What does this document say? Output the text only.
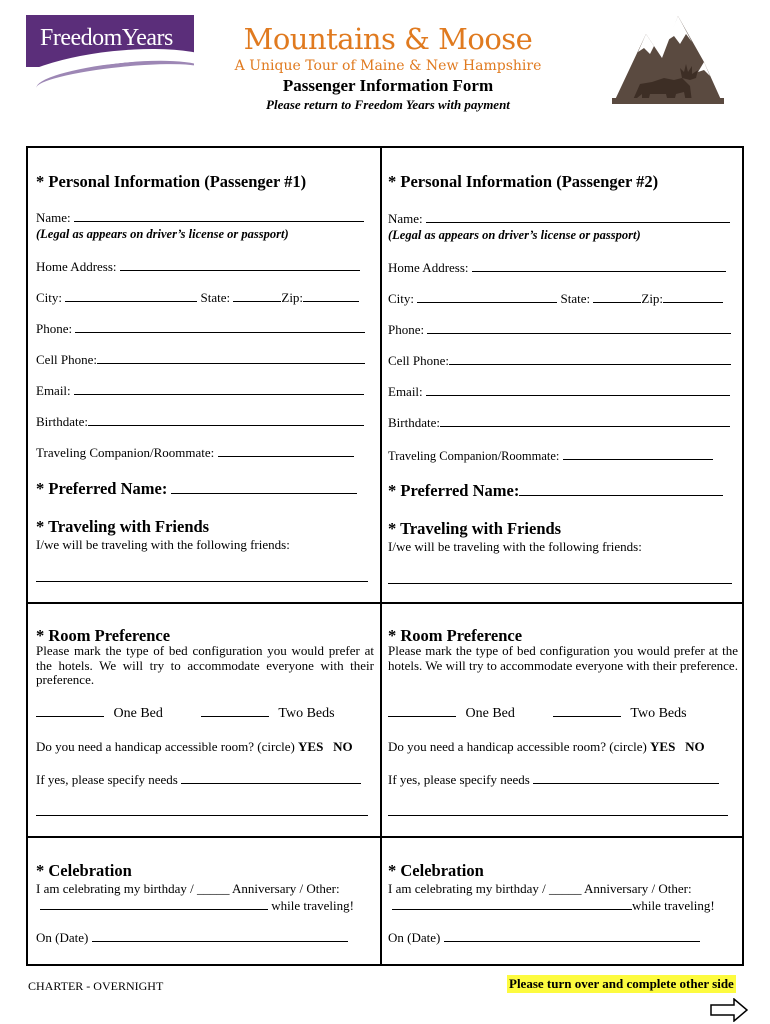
FreedomYears	Mountains & Moose
A Unique Tour of Maine & New Hampshire
Passenger Information Form
Please return to Freedom Years with payment
* Personal Information (Passenger #1)
Name:
(Legal as appears on driver’s license or passport)
Home Address:
City:	State:	Zip:
Phone:
Cell Phone:
Email:
Birthdate:
Traveling Companion/Roommate:
* Preferred Name:
* Traveling with Friends
I/we will be traveling with the following friends:
* Room Preference
Please mark the type of bed configuration you would prefer at the hotels. We will try to accommodate everyone with their preference.
One Bed	Two Beds
Do you need a handicap accessible room? (circle) YES NO
If yes, please specify needs
* Celebration
I am celebrating my birthday / _____ Anniversary / Other:
while traveling!
On (Date)
* Personal Information (Passenger #2)
Name:
(Legal as appears on driver’s license or passport)
Home Address:
City:	State:	Zip:
Phone:
Cell Phone:
Email:
Birthdate:
Traveling Companion/Roommate:
* Preferred Name:
* Traveling with Friends
I/we will be traveling with the following friends:
* Room Preference
Please mark the type of bed configuration you would prefer at the hotels. We will try to accommodate everyone with their preference.
One Bed	Two Beds
Do you need a handicap accessible room? (circle) YES NO
If yes, please specify needs
* Celebration
I am celebrating my birthday / _____ Anniversary / Other:
while traveling!
On (Date)
CHARTER - OVERNIGHT	Please turn over and complete other side
